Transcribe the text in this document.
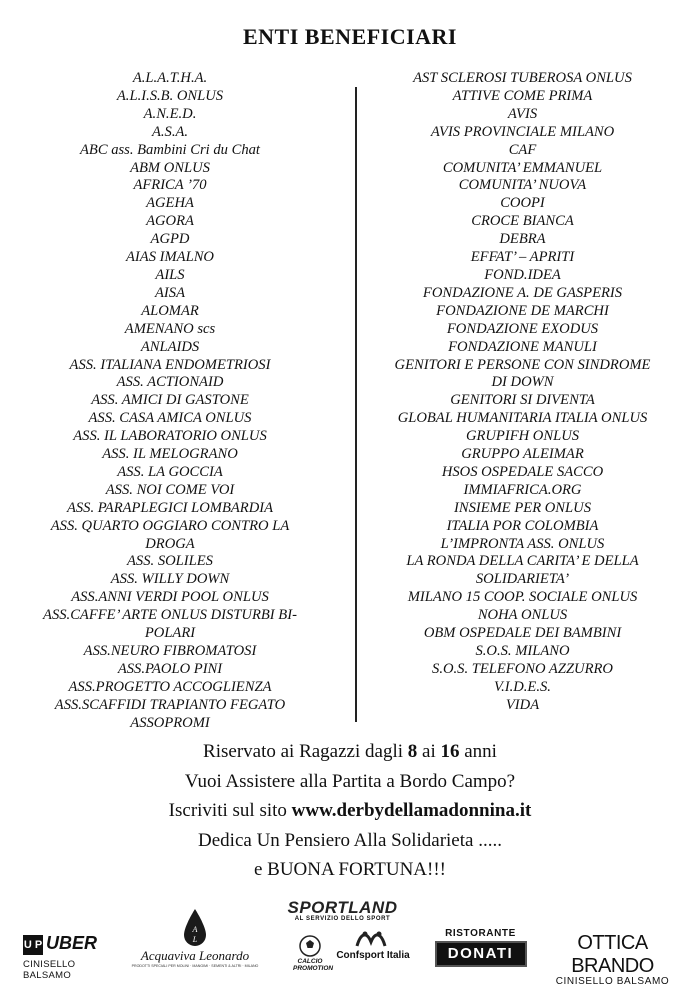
ENTI BENEFICIARI
A.L.A.T.H.A.
A.L.I.S.B. ONLUS
A.N.E.D.
A.S.A.
ABC ass. Bambini Cri du Chat
ABM ONLUS
AFRICA ’70
AGEHA
AGORA
AGPD
AIAS IMALNO
AILS
AISA
ALOMAR
AMENANO scs
ANLAIDS
ASS. ITALIANA ENDOMETRIOSI
ASS. ACTIONAID
ASS. AMICI DI GASTONE
ASS. CASA AMICA ONLUS
ASS. IL LABORATORIO ONLUS
ASS. IL MELOGRANO
ASS. LA GOCCIA
ASS. NOI COME VOI
ASS. PARAPLEGICI LOMBARDIA
ASS. QUARTO OGGIARO CONTRO LA
DROGA
ASS. SOLILES
ASS. WILLY DOWN
ASS.ANNI VERDI POOL ONLUS
ASS.CAFFE’ ARTE ONLUS DISTURBI BI-
POLARI
ASS.NEURO FIBROMATOSI
ASS.PAOLO PINI
ASS.PROGETTO ACCOGLIENZA
ASS.SCAFFIDI TRAPIANTO FEGATO
ASSOPROMI
AST SCLEROSI TUBEROSA ONLUS
ATTIVE COME PRIMA
AVIS
AVIS PROVINCIALE MILANO
CAF
COMUNITA’ EMMANUEL
COMUNITA’ NUOVA
COOPI
CROCE BIANCA
DEBRA
EFFAT’ – APRITI
FOND.IDEA
FONDAZIONE A. DE GASPERIS
FONDAZIONE DE MARCHI
FONDAZIONE EXODUS
FONDAZIONE MANULI
GENITORI E PERSONE CON SINDROME
DI DOWN
GENITORI SI DIVENTA
GLOBAL HUMANITARIA ITALIA ONLUS
GRUPIFH ONLUS
GRUPPO ALEIMAR
HSOS OSPEDALE SACCO
IMMIAFRICA.ORG
INSIEME PER ONLUS
ITALIA POR COLOMBIA
L’IMPRONTA ASS. ONLUS
LA RONDA DELLA CARITA’ E DELLA
SOLIDARIETA’
MILANO 15 COOP. SOCIALE ONLUS
NOHA ONLUS
OBM OSPEDALE DEI BAMBINI
S.O.S. MILANO
S.O.S. TELEFONO AZZURRO
V.I.D.E.S.
VIDA
Riservato ai Ragazzi dagli 8 ai 16 anni
Vuoi Assistere alla Partita a Bordo Campo?
Iscriviti sul sito www.derbydellamadonnina.it
Dedica Un Pensiero Alla Solidarieta .....
e BUONA FORTUNA!!!
U P UBER
CINISELLO BALSAMO
A
L
Acquaviva Leonardo
PRODOTTI SPECIALI PER MOLINI · MANGIMI · SEMENTI & ALTRI · MILANO
SPORTLAND
AL SERVIZIO DELLO SPORT
CALCIO PROMOTION
Confsport Italia
RISTORANTE
DONATI	OTTICA BRANDO
CINISELLO BALSAMO
